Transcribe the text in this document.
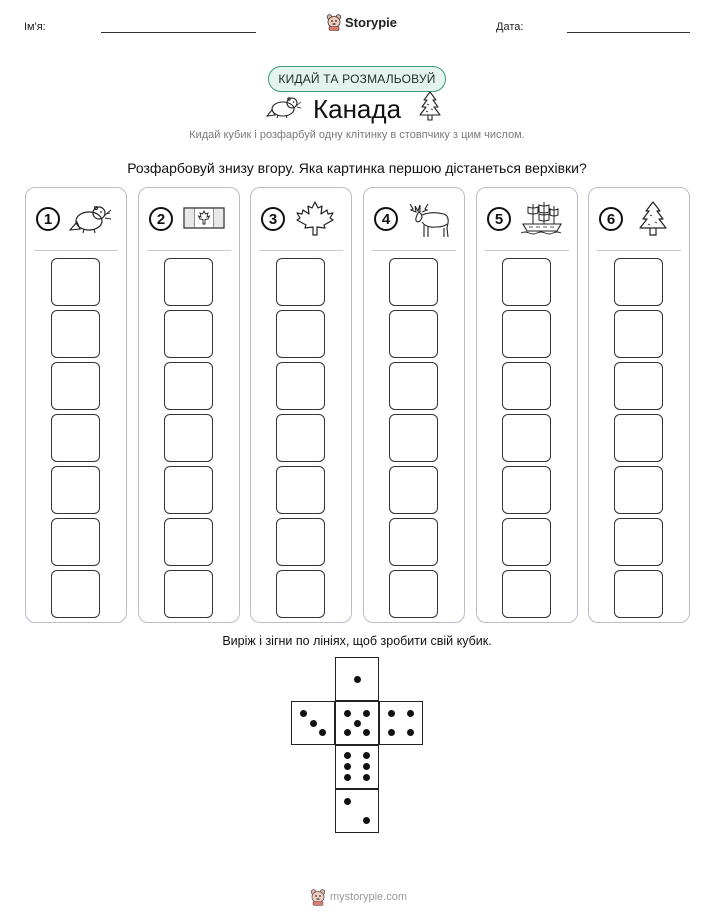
Ім'я:	Storypie	Дата:
КИДАЙ ТА РОЗМАЛЬОВУЙ
Канада
Кидай кубик і розфарбуй одну клітинку в стовпчику з цим числом.
Розфарбовуй знизу вгору. Яка картинка першою дістанеться верхівки?
1	2	3	4	5	6
Виріж і зігни по лініях, щоб зробити свій кубик.
mystorypie.com
